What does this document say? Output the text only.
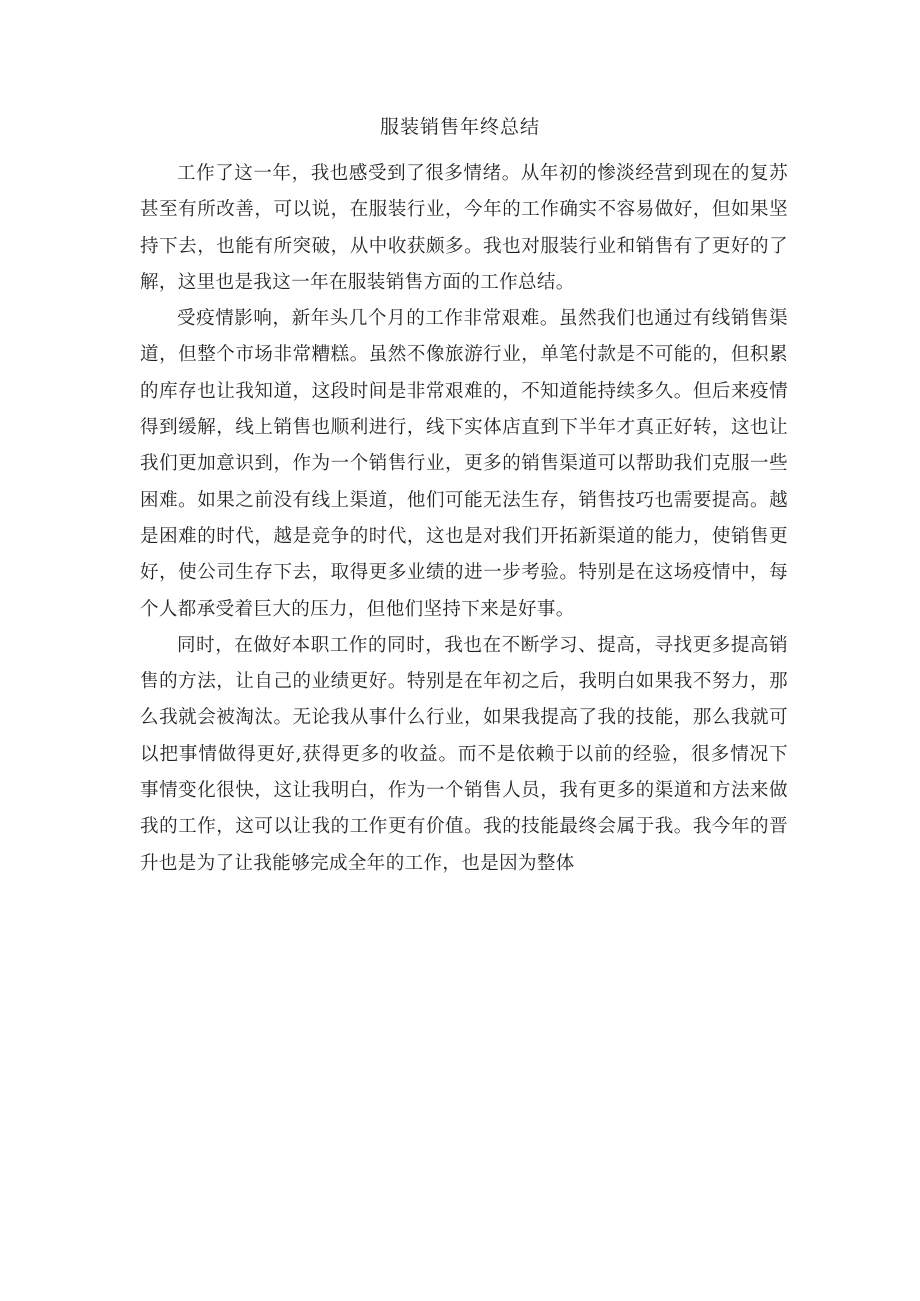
服装销售年终总结

工作了这一年，我也感受到了很多情绪。从年初的惨淡经营到现在的复苏甚至有所改善，可以说，在服装行业，今年的工作确实不容易做好，但如果坚持下去，也能有所突破，从中收获颇多。我也对服装行业和销售有了更好的了解，这里也是我这一年在服装销售方面的工作总结。

受疫情影响，新年头几个月的工作非常艰难。虽然我们也通过有线销售渠道，但整个市场非常糟糕。虽然不像旅游行业，单笔付款是不可能的，但积累的库存也让我知道，这段时间是非常艰难的，不知道能持续多久。但后来疫情得到缓解，线上销售也顺利进行，线下实体店直到下半年才真正好转，这也让我们更加意识到，作为一个销售行业，更多的销售渠道可以帮助我们克服一些困难。如果之前没有线上渠道，他们可能无法生存，销售技巧也需要提高。越是困难的时代，越是竞争的时代，这也是对我们开拓新渠道的能力，使销售更好，使公司生存下去，取得更多业绩的进一步考验。特别是在这场疫情中，每个人都承受着巨大的压力，但他们坚持下来是好事。

同时，在做好本职工作的同时，我也在不断学习、提高，寻找更多提高销售的方法，让自己的业绩更好。特别是在年初之后，我明白如果我不努力，那么我就会被淘汰。无论我从事什么行业，如果我提高了我的技能，那么我就可以把事情做得更好,获得更多的收益。而不是依赖于以前的经验，很多情况下事情变化很快，这让我明白，作为一个销售人员，我有更多的渠道和方法来做我的工作，这可以让我的工作更有价值。我的技能最终会属于我。我今年的晋升也是为了让我能够完成全年的工作，也是因为整体
